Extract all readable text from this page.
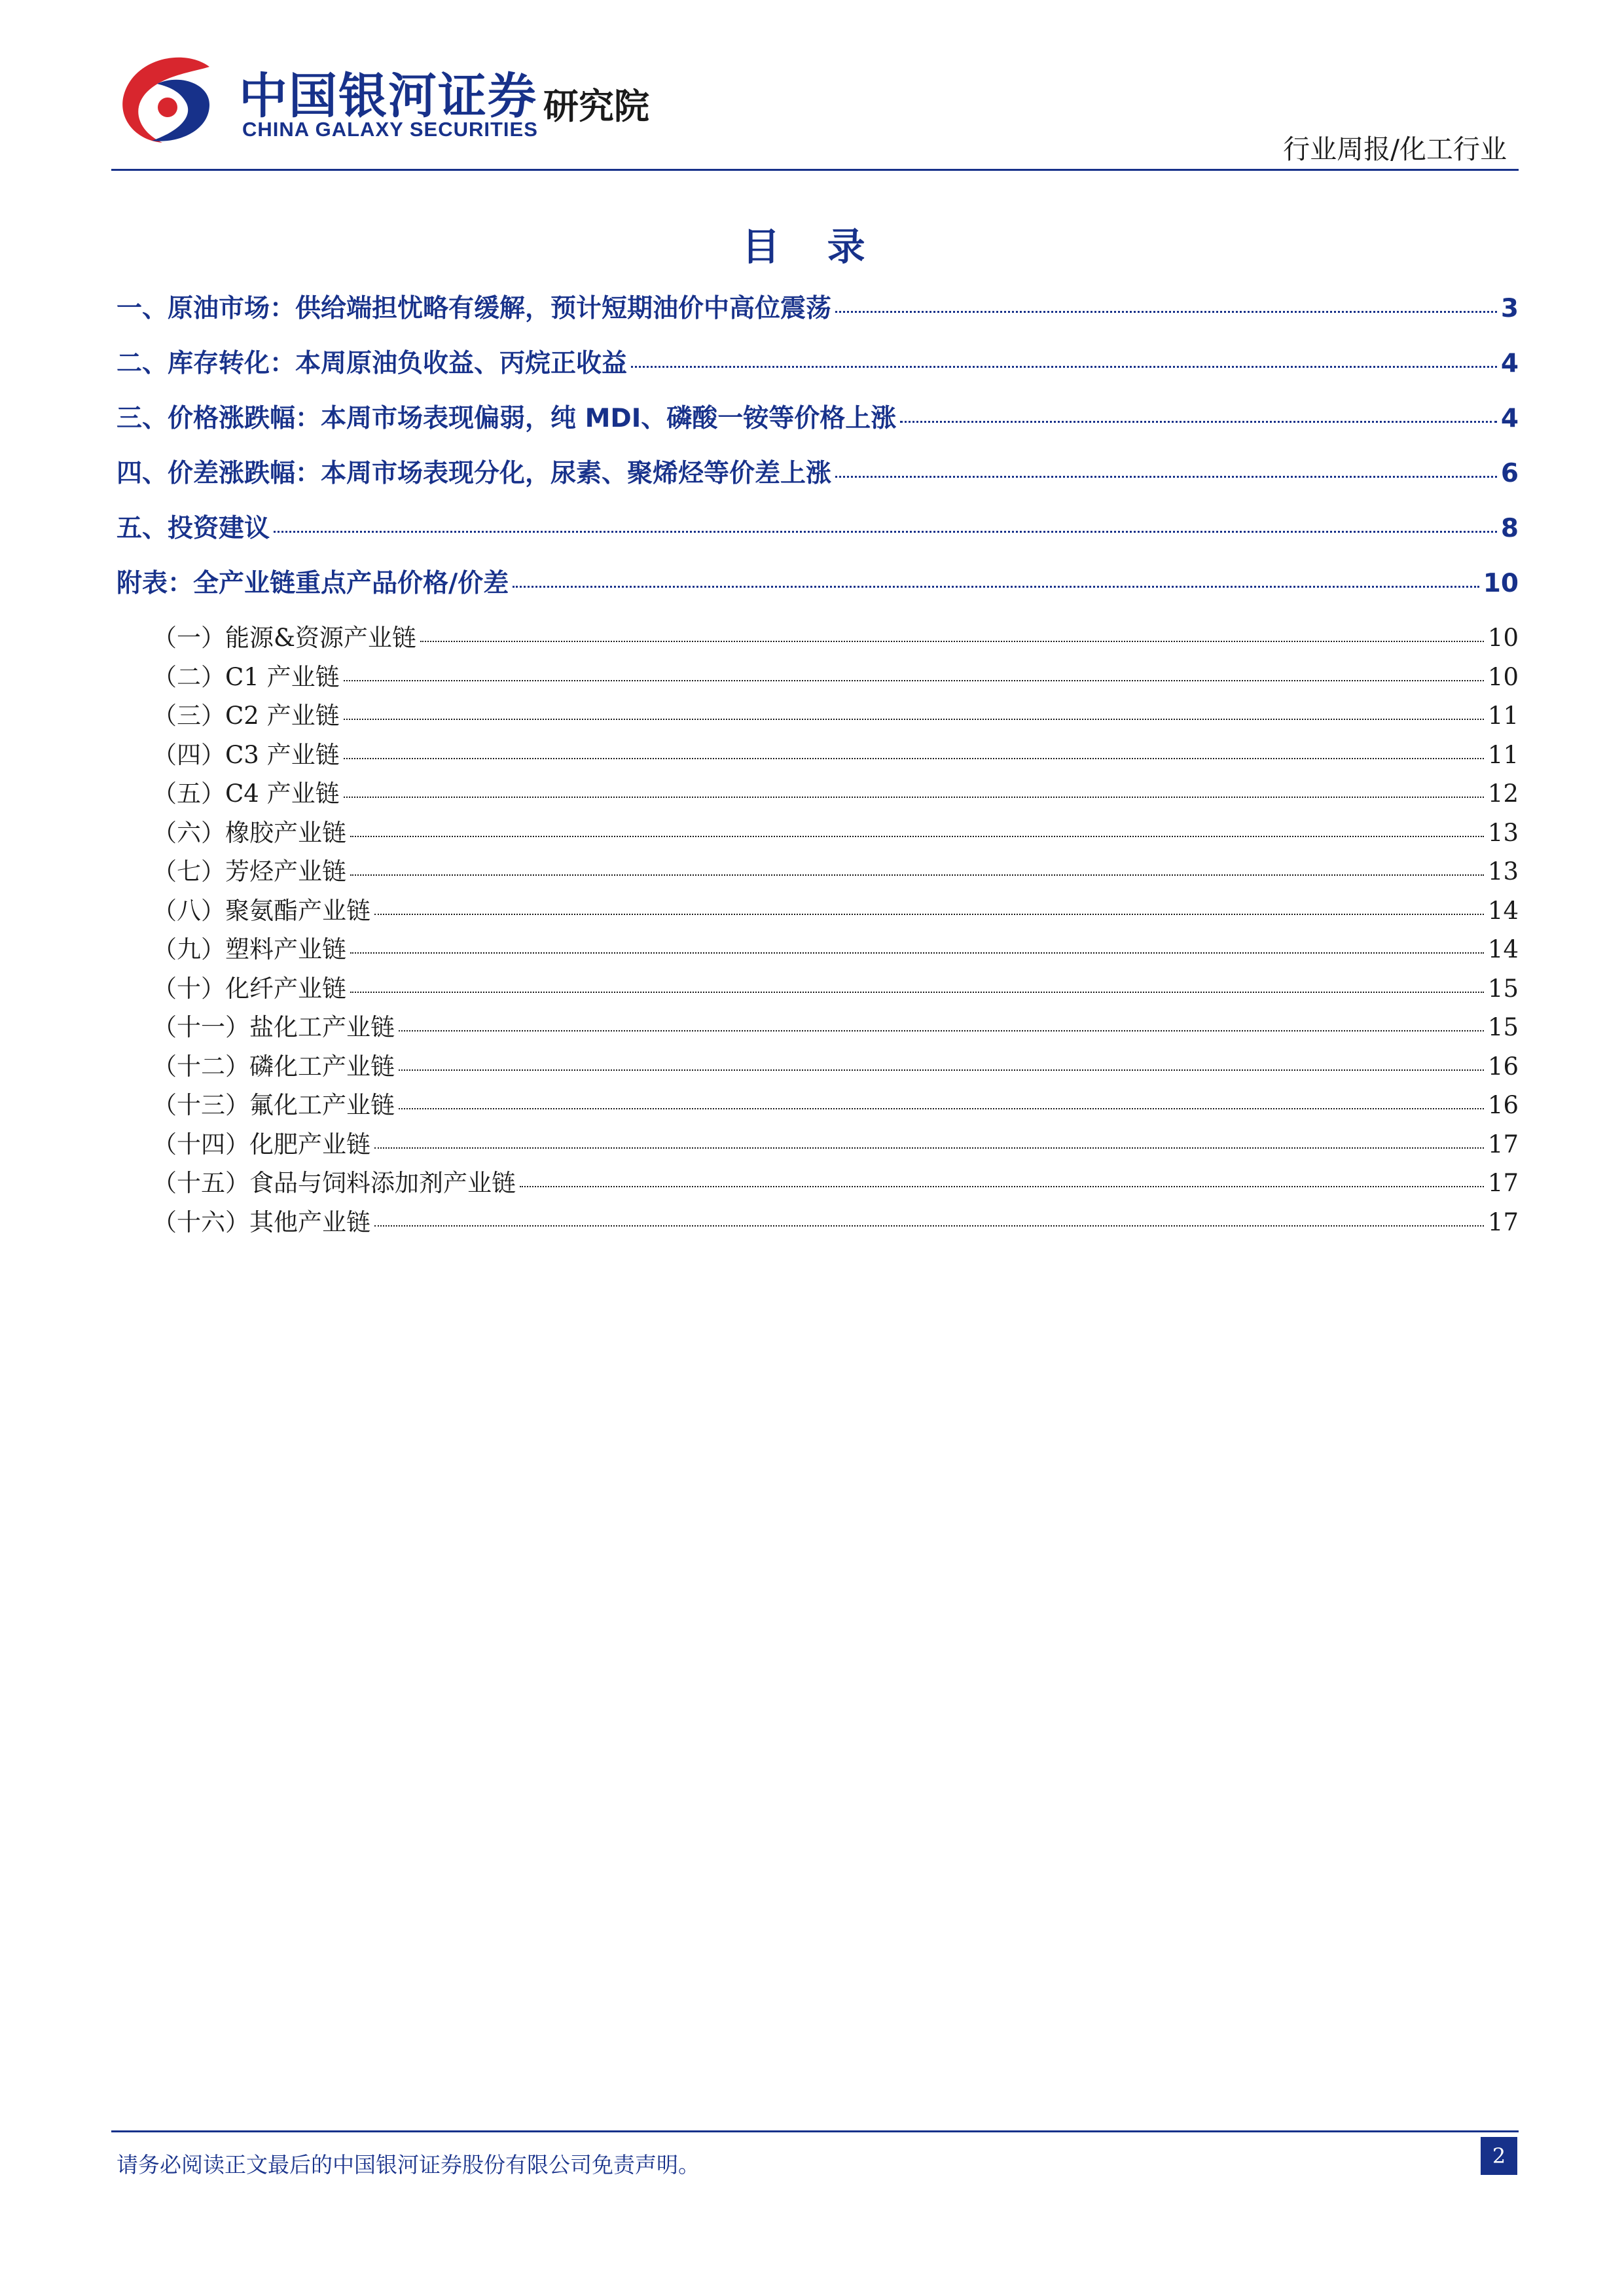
中国银河证券
CHINA GALAXY SECURITIES
研究院
行业周报/化工行业
目 录
一、原油市场：供给端担忧略有缓解，预计短期油价中高位震荡	3
二、库存转化：本周原油负收益、丙烷正收益	4
三、价格涨跌幅：本周市场表现偏弱，纯 MDI、磷酸一铵等价格上涨	4
四、价差涨跌幅：本周市场表现分化，尿素、聚烯烃等价差上涨	6
五、投资建议	8
附表：全产业链重点产品价格/价差	10
（一）能源&资源产业链	10
（二）C1 产业链	10
（三）C2 产业链	11
（四）C3 产业链	11
（五）C4 产业链	12
（六）橡胶产业链	13
（七）芳烃产业链	13
（八）聚氨酯产业链	14
（九）塑料产业链	14
（十）化纤产业链	15
（十一）盐化工产业链	15
（十二）磷化工产业链	16
（十三）氟化工产业链	16
（十四）化肥产业链	17
（十五）食品与饲料添加剂产业链	17
（十六）其他产业链	17
请务必阅读正文最后的中国银河证券股份有限公司免责声明。	2
